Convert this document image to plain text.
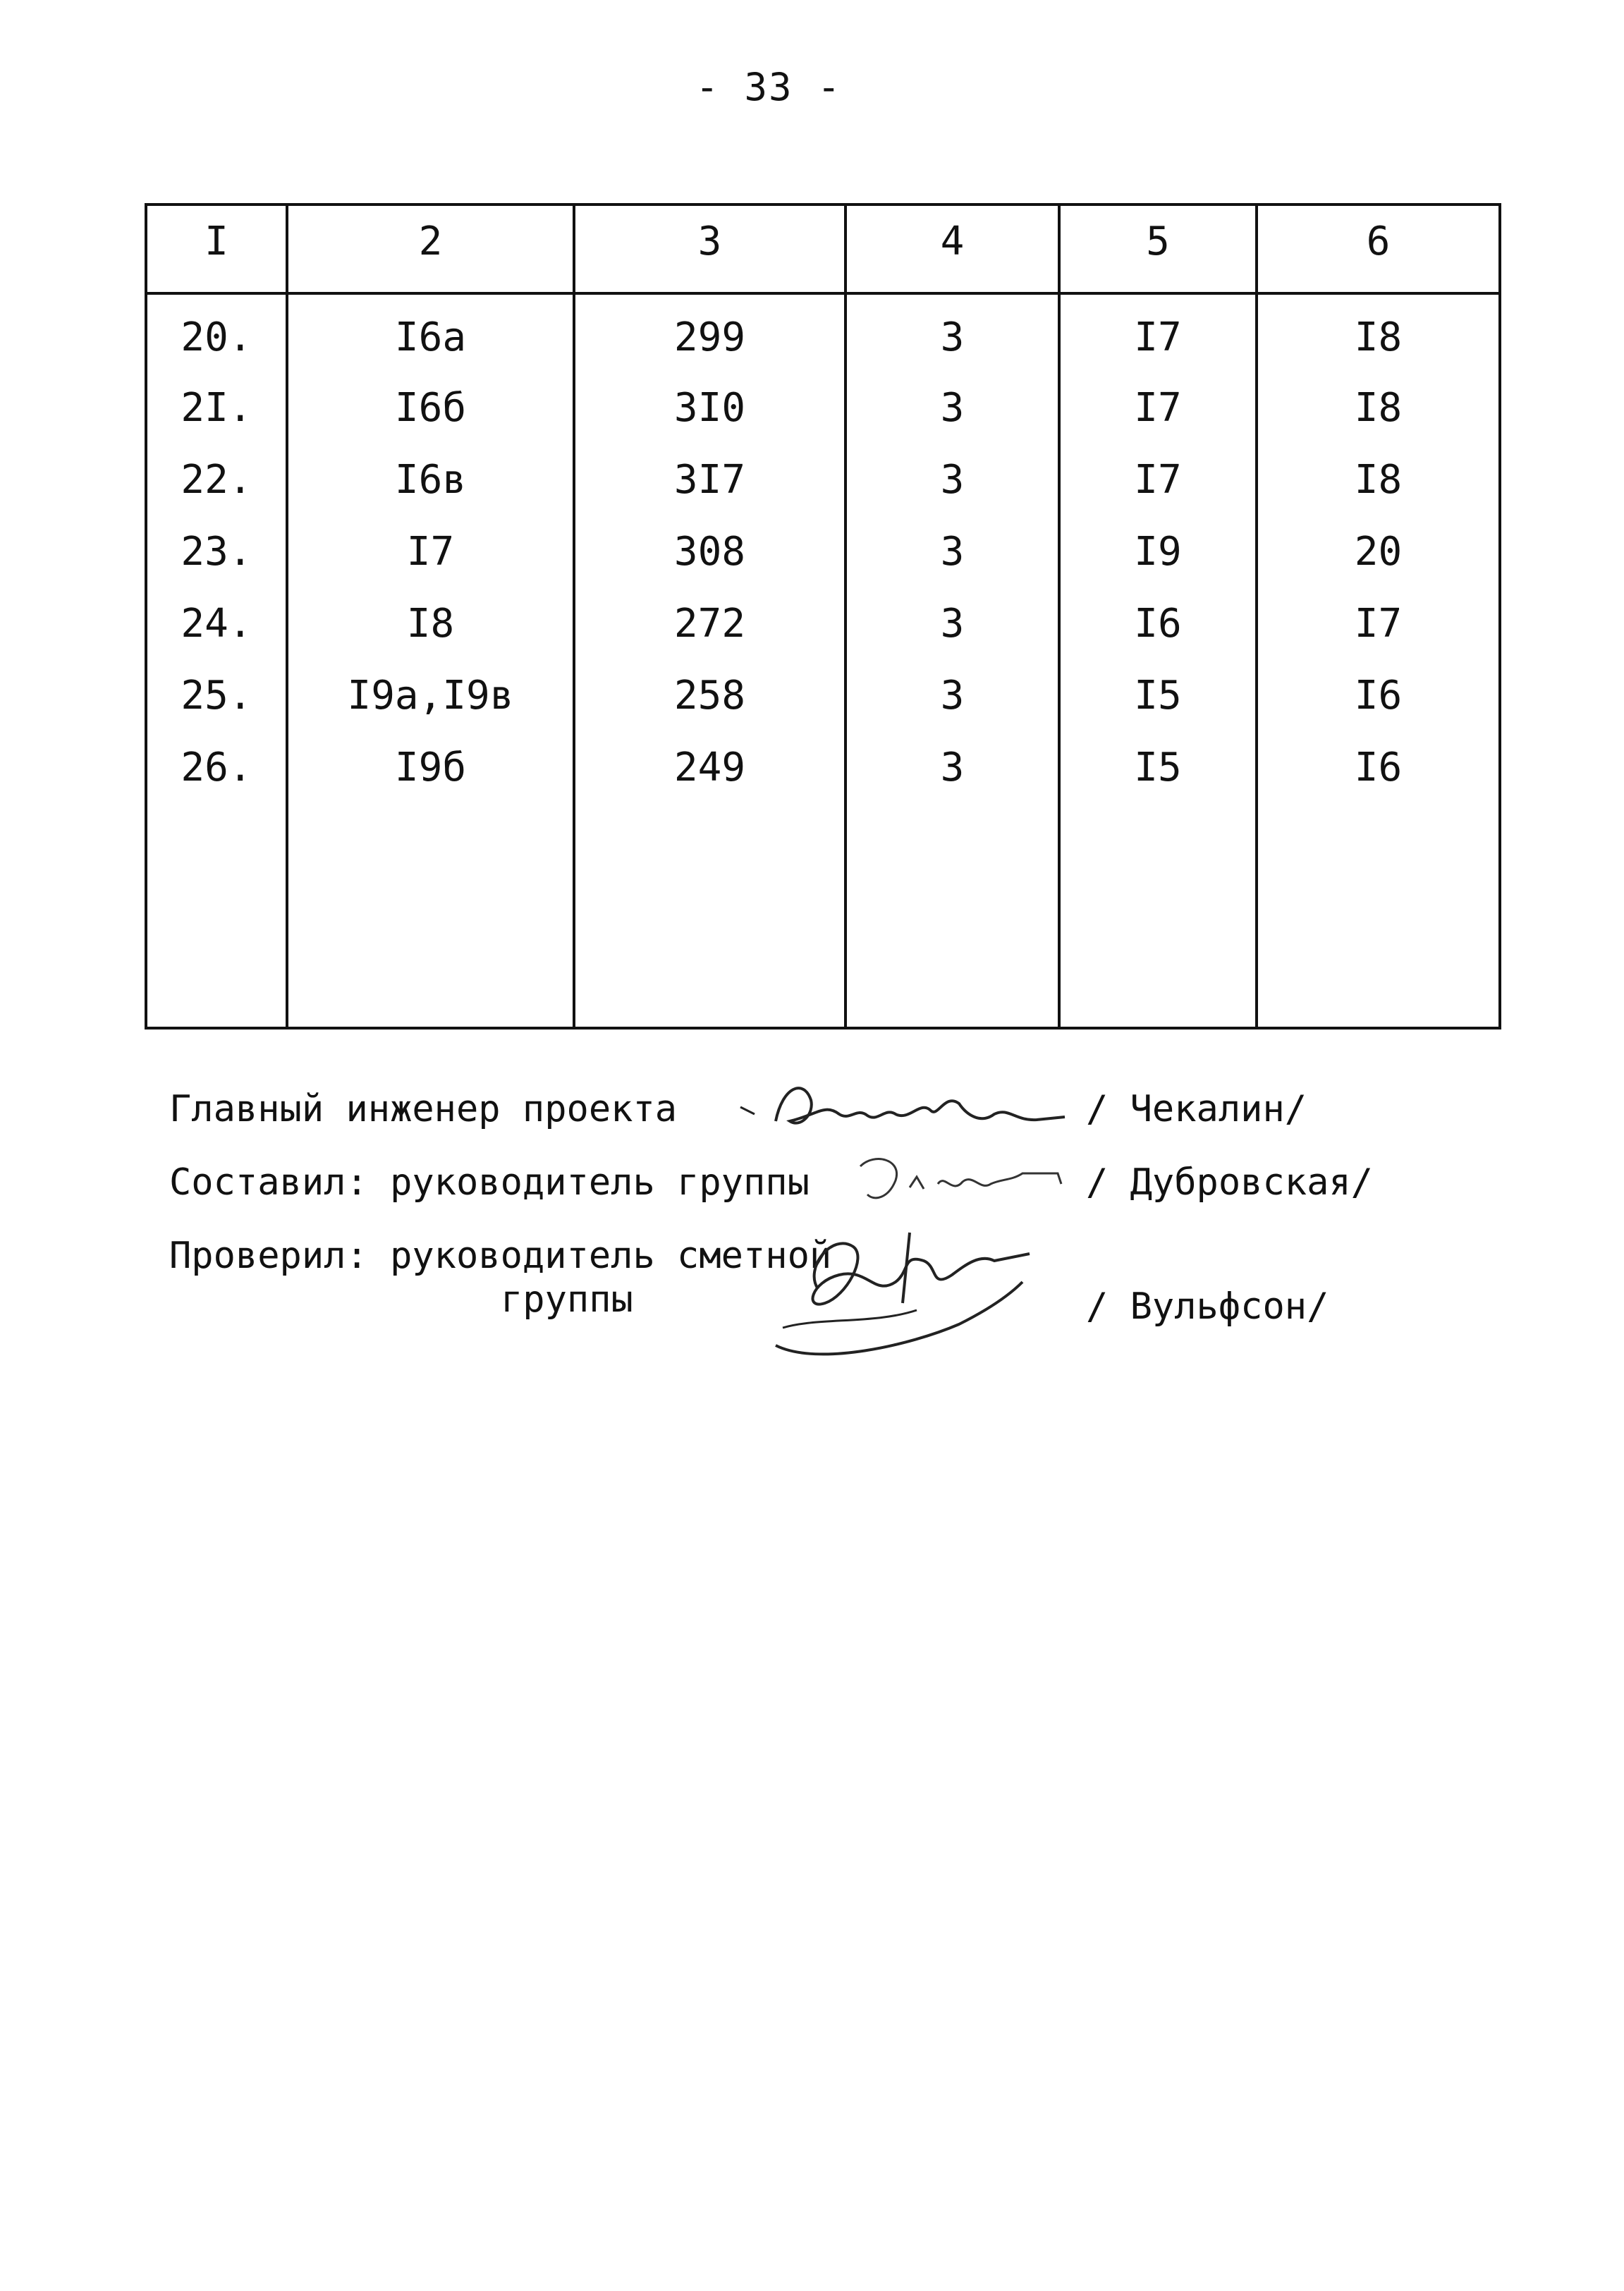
- 33 -
I	2	3	4	5	6
20.	I6a	299	3	I7	I8
2I.	I6б	3I0	3	I7	I8
22.	I6в	3I7	3	I7	I8
23.	I7	308	3	I9	20
24.	I8	272	3	I6	I7
25.	I9a,I9в	258	3	I5	I6
26.	I9б	249	3	I5	I6

Главный инженер проекта	/ Чекалин/
Составил: руководитель группы	/ Дубровская/
Проверил: руководитель сметной
группы	/ Вульфсон/
